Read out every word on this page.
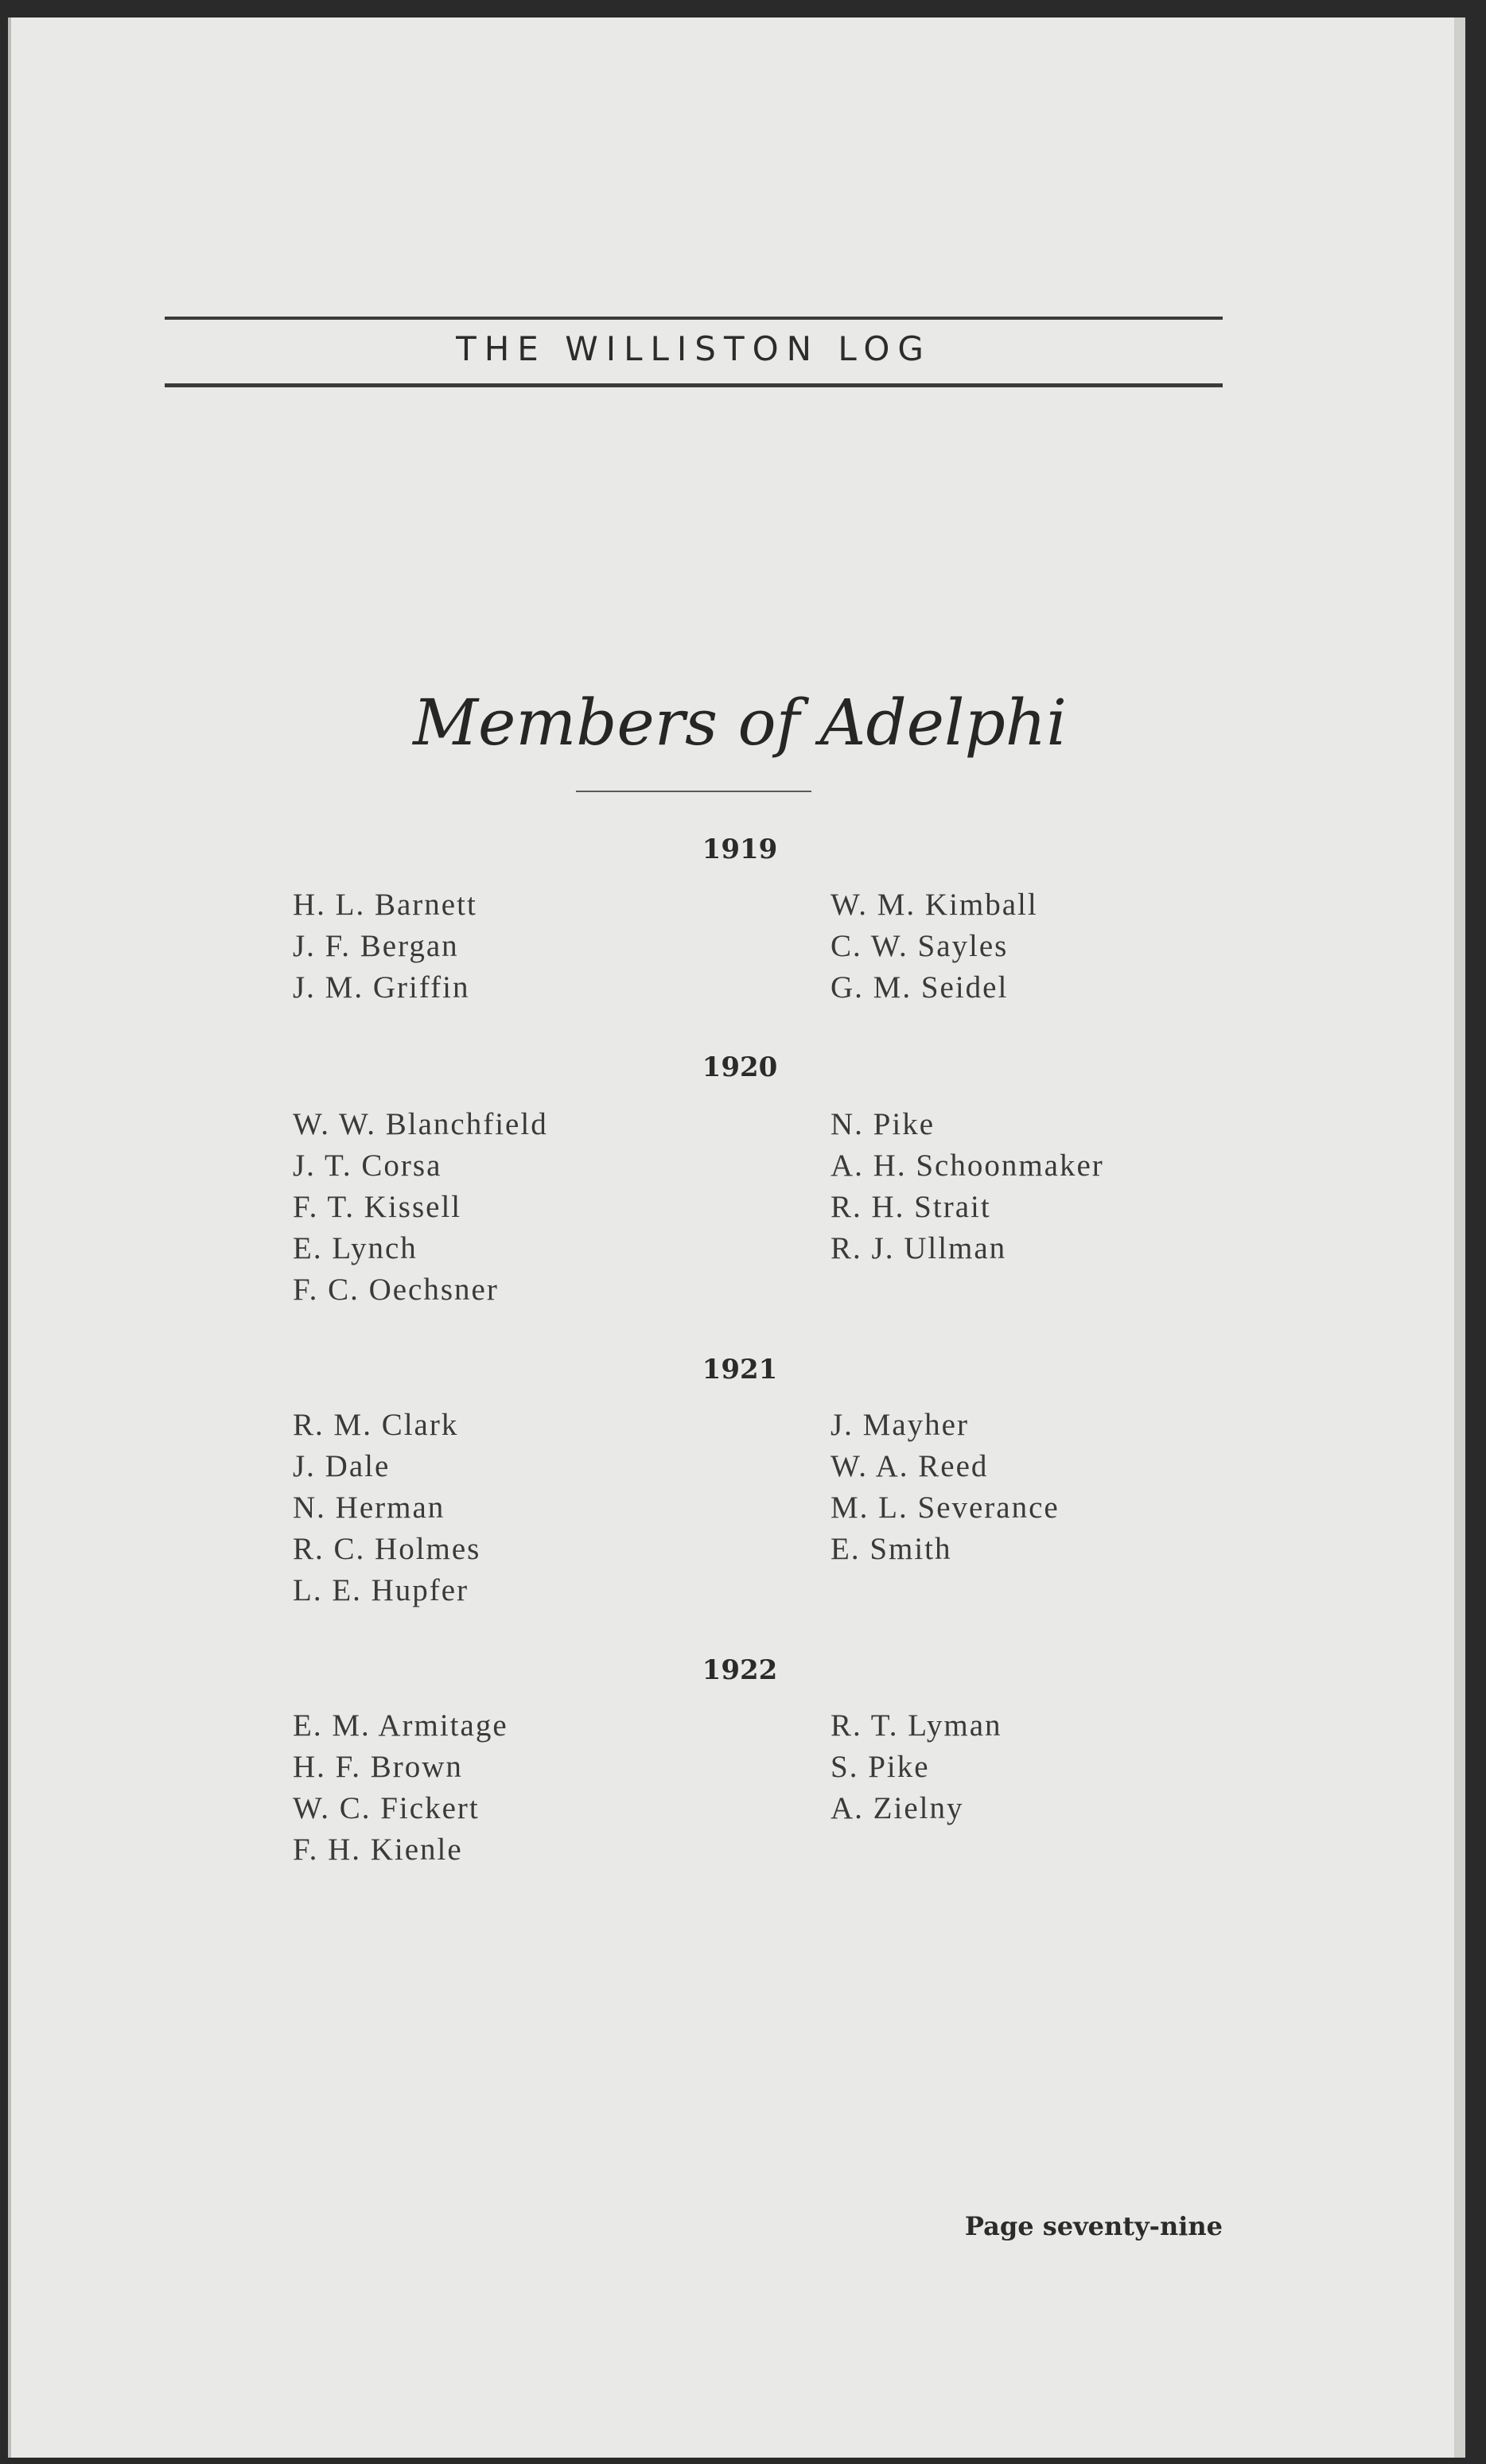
THE WILLISTON LOG
Members of Adelphi
1919
H. L. Barnett
J. F. Bergan
J. M. Griffin
W. M. Kimball
C. W. Sayles
G. M. Seidel
1920
W. W. Blanchfield
J. T. Corsa
F. T. Kissell
E. Lynch
F. C. Oechsner
N. Pike
A. H. Schoonmaker
R. H. Strait
R. J. Ullman
1921
R. M. Clark
J. Dale
N. Herman
R. C. Holmes
L. E. Hupfer
J. Mayher
W. A. Reed
M. L. Severance
E. Smith
1922
E. M. Armitage
H. F. Brown
W. C. Fickert
F. H. Kienle
R. T. Lyman
S. Pike
A. Zielny
Page seventy-nine
